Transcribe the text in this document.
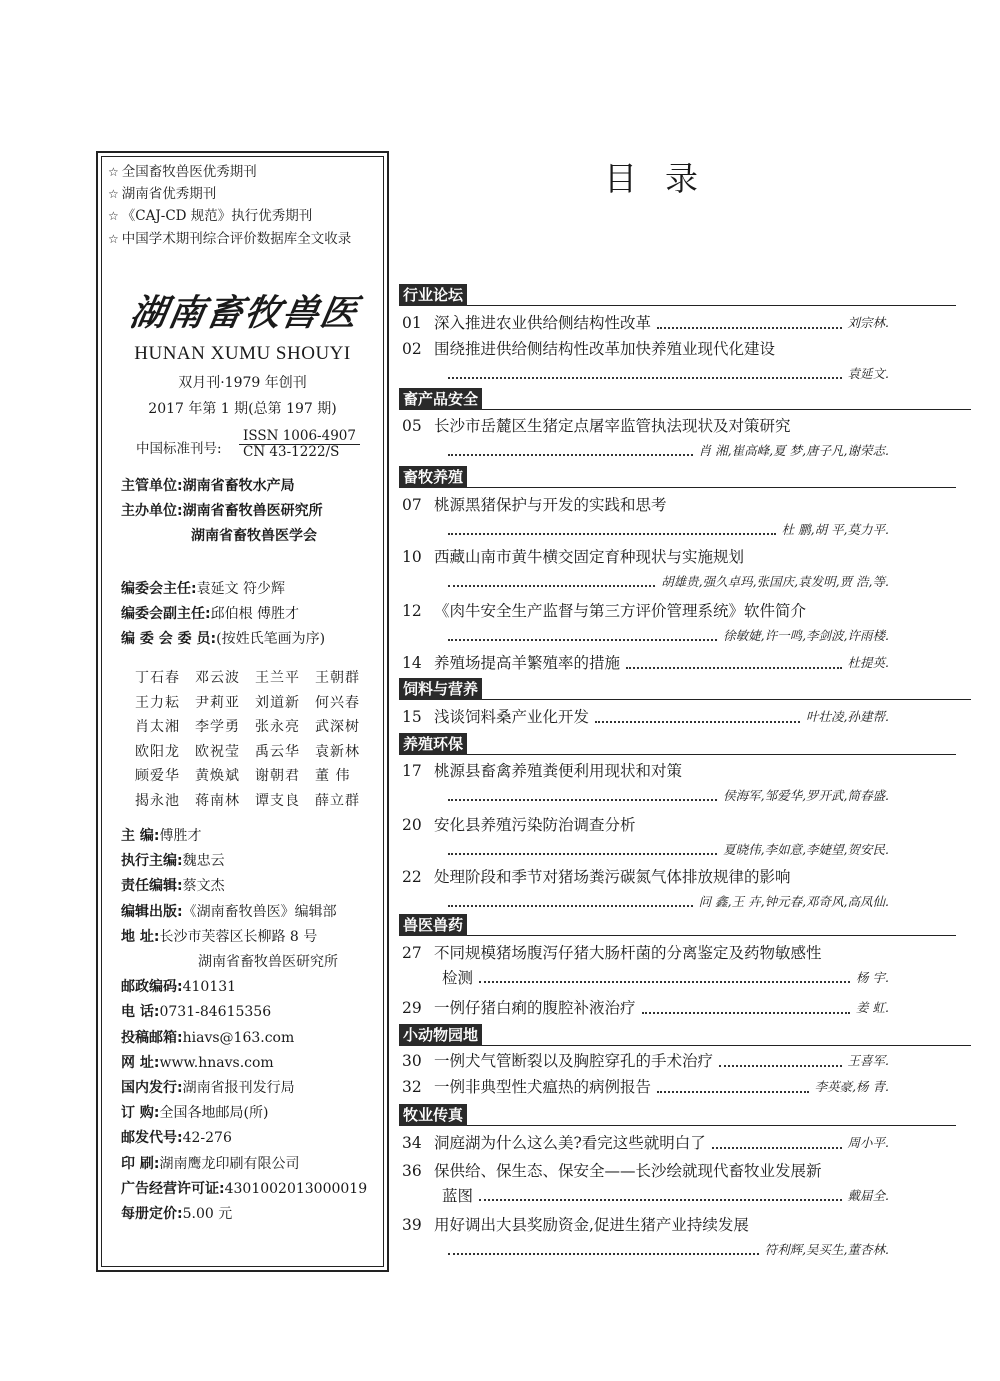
☆ 全国畜牧兽医优秀期刊
☆ 湖南省优秀期刊
☆ 《CAJ-CD 规范》执行优秀期刊
☆ 中国学术期刊综合评价数据库全文收录
湖南畜牧兽医
HUNAN XUMU SHOUYI
双月刊·1979 年创刊
2017 年第 1 期(总第 197 期)
中国标准刊号:
ISSN 1006-4907
CN 43-1222/S
主管单位:湖南省畜牧水产局
主办单位:湖南省畜牧兽医研究所
湖南省畜牧兽医学会
编委会主任:袁延文 符少辉
编委会副主任:邱伯根 傅胜才
编 委 会 委 员:(按姓氏笔画为序)
丁石春	邓云波	王兰平	王朝群
王力耘	尹莉亚	刘道新	何兴春
肖太湘	李学勇	张永亮	武深树
欧阳龙	欧祝莹	禹云华	袁新林
顾爱华	黄焕斌	谢朝君	董 伟
揭永池	蒋南林	谭支良	薛立群
主 编:傅胜才
执行主编:魏忠云
责任编辑:蔡文杰
编辑出版:《湖南畜牧兽医》编辑部
地 址:长沙市芙蓉区长柳路 8 号
湖南省畜牧兽医研究所
邮政编码:410131
电 话:0731-84615356
投稿邮箱:hiavs@163.com
网 址:www.hnavs.com
国内发行:湖南省报刊发行局
订 购:全国各地邮局(所)
邮发代号:42-276
印 刷:湖南鹰龙印刷有限公司
广告经营许可证:4301002013000019
每册定价:5.00 元
目录
行业论坛
01 深入推进农业供给侧结构性改革	刘宗林.
02 围绕推进供给侧结构性改革加快养殖业现代化建设
袁延文.
畜产品安全
05 长沙市岳麓区生猪定点屠宰监管执法现状及对策研究
肖 湘,崔高峰,夏 梦,唐子凡,谢荣志.
畜牧养殖
07 桃源黑猪保护与开发的实践和思考
杜 鹏,胡 平,莫力平.
10 西藏山南市黄牛横交固定育种现状与实施规划
胡雄贵,强久卓玛,张国庆,袁发明,贾 浩,等.
12 《肉牛安全生产监督与第三方评价管理系统》软件简介
徐敏婕,许一鸣,李剑波,许雨楼.
14 养殖场提高羊繁殖率的措施	杜提英.
饲料与营养
15 浅谈饲料桑产业化开发	叶壮凌,孙建帮.
养殖环保
17 桃源县畜禽养殖粪便利用现状和对策
侯海军,邹爱华,罗开武,简春盛.
20 安化县养殖污染防治调查分析
夏晓伟,李如意,李婕望,贺安民.
22 处理阶段和季节对猪场粪污碳氮气体排放规律的影响
问 鑫,王 卉,钟元春,邓奇风,高凤仙.
兽医兽药
27 不同规模猪场腹泻仔猪大肠杆菌的分离鉴定及药物敏感性
检测	杨 宇.
29 一例仔猪白痢的腹腔补液治疗	姜 虹.
小动物园地
30 一例犬气管断裂以及胸腔穿孔的手术治疗	王喜军.
32 一例非典型性犬瘟热的病例报告	李英豪,杨 青.
牧业传真
34 洞庭湖为什么这么美?看完这些就明白了	周小平.
36 保供给、保生态、保安全——长沙绘就现代畜牧业发展新
蓝图	戴届全.
39 用好调出大县奖励资金,促进生猪产业持续发展
符利辉,吴买生,董杏林.
